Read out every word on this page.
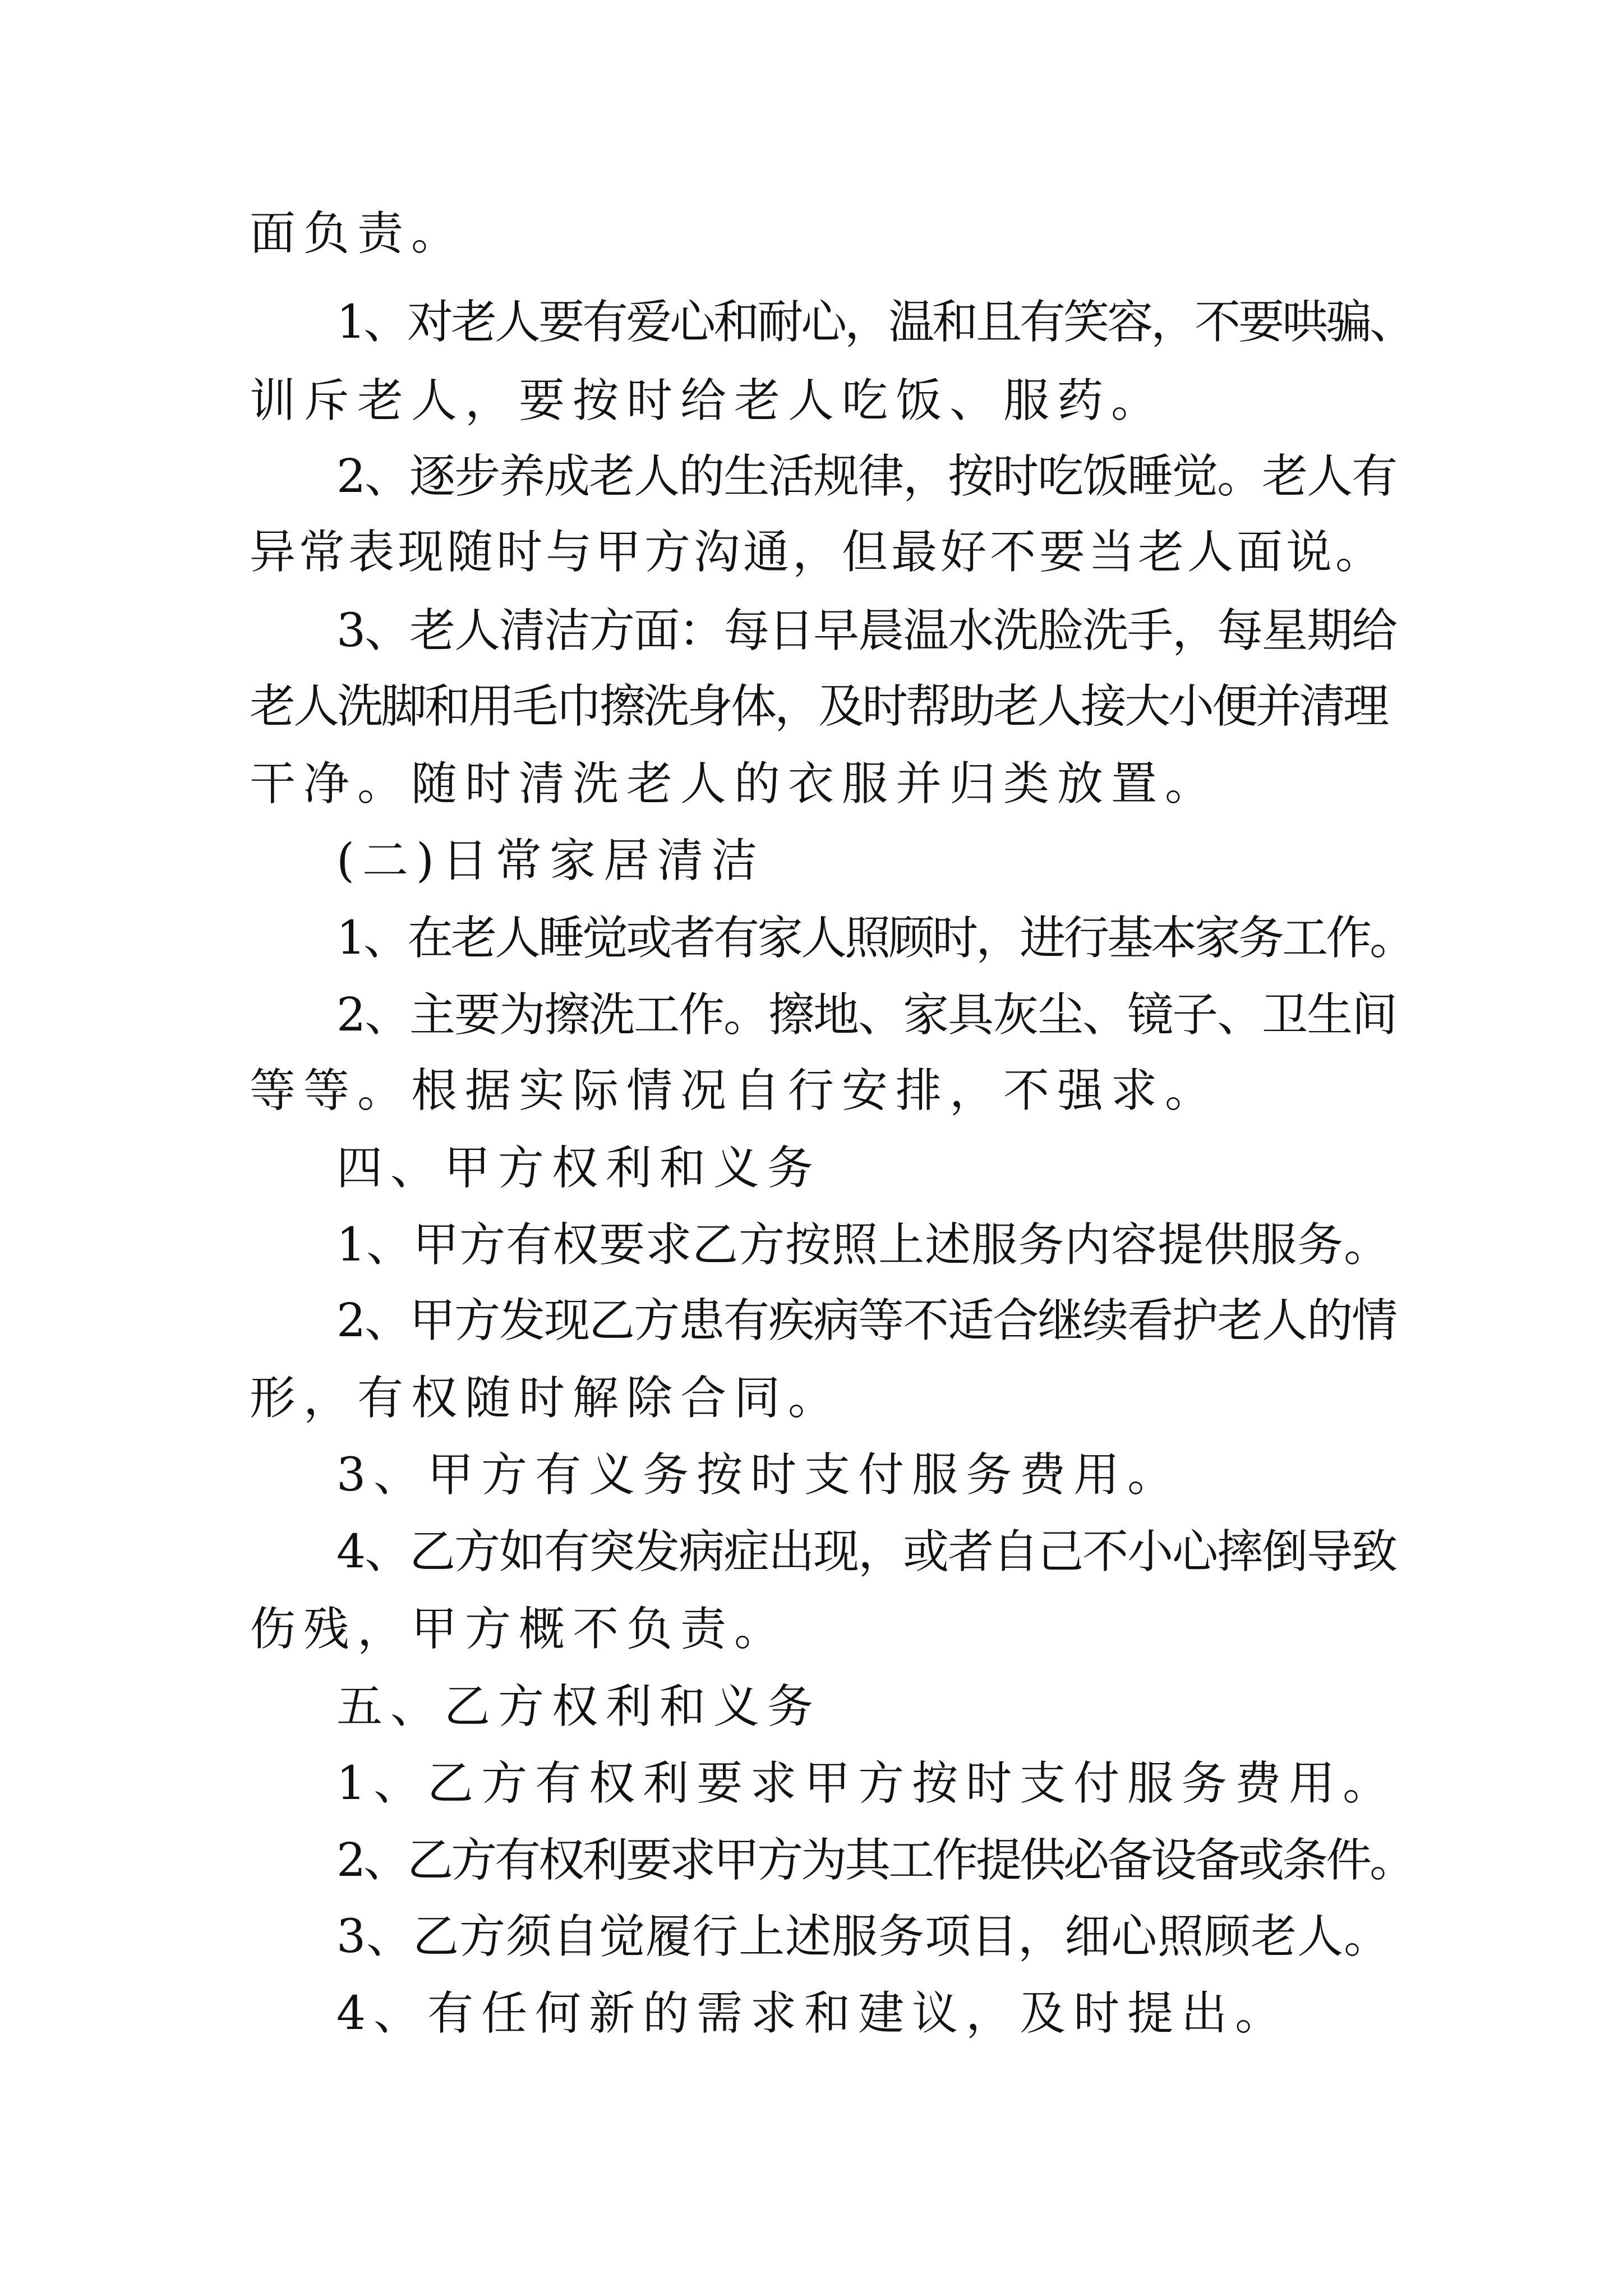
面负责。
1、对老人要有爱心和耐心，温和且有笑容，不要哄骗、
训斥老人，要按时给老人吃饭、服药。
2、逐步养成老人的生活规律，按时吃饭睡觉。老人有
异常表现随时与甲方沟通，但最好不要当老人面说。
3、老人清洁方面：每日早晨温水洗脸洗手，每星期给
老人洗脚和用毛巾擦洗身体，及时帮助老人接大小便并清理
干净。随时清洗老人的衣服并归类放置。
(二)日常家居清洁
1、在老人睡觉或者有家人照顾时，进行基本家务工作。
2、主要为擦洗工作。擦地、家具灰尘、镜子、卫生间
等等。根据实际情况自行安排，不强求。
四、甲方权利和义务
1、甲方有权要求乙方按照上述服务内容提供服务。
2、甲方发现乙方患有疾病等不适合继续看护老人的情
形，有权随时解除合同。
3、甲方有义务按时支付服务费用。
4、乙方如有突发病症出现，或者自己不小心摔倒导致
伤残，甲方概不负责。
五、乙方权利和义务
1、乙方有权利要求甲方按时支付服务费用。
2、乙方有权利要求甲方为其工作提供必备设备或条件。
3、乙方须自觉履行上述服务项目，细心照顾老人。
4、有任何新的需求和建议，及时提出。
